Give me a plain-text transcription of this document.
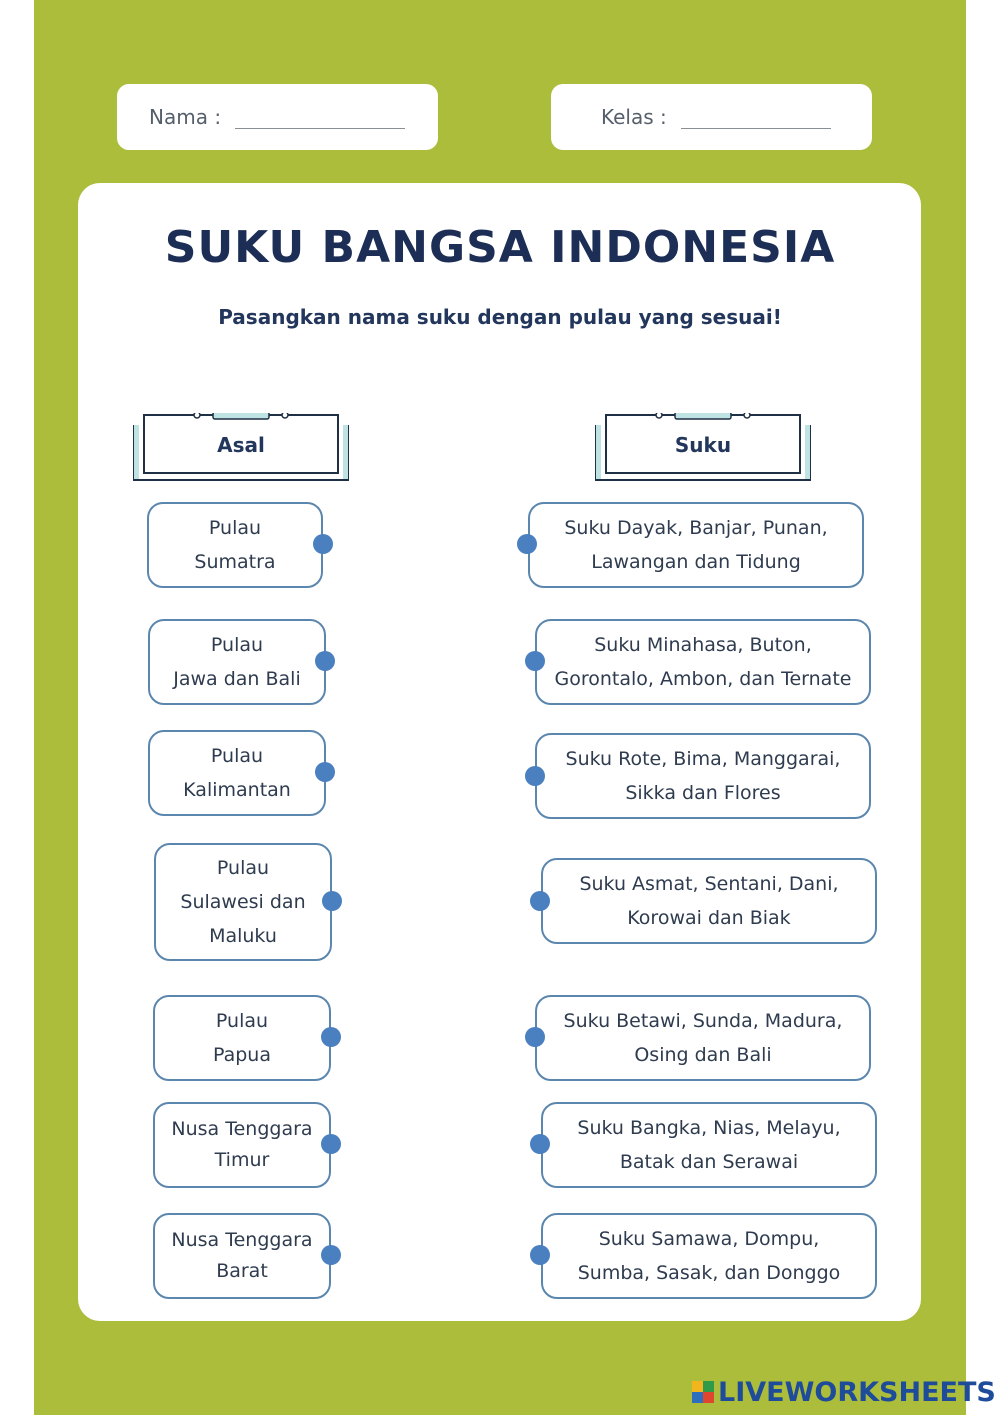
Nama :	Kelas :
SUKU BANGSA INDONESIA
Pasangkan nama suku dengan pulau yang sesuai!
Asal	Suku
Pulau
Sumatra
Pulau
Jawa dan Bali
Pulau
Kalimantan
Pulau
Sulawesi dan
Maluku
Pulau
Papua
Nusa Tenggara
Timur
Nusa Tenggara
Barat
Suku Dayak, Banjar, Punan,
Lawangan dan Tidung
Suku Minahasa, Buton,
Gorontalo, Ambon, dan Ternate
Suku Rote, Bima, Manggarai,
Sikka dan Flores
Suku Asmat, Sentani, Dani,
Korowai dan Biak
Suku Betawi, Sunda, Madura,
Osing dan Bali
Suku Bangka, Nias, Melayu,
Batak dan Serawai
Suku Samawa, Dompu,
Sumba, Sasak, dan Donggo
LIVEWORKSHEETS
